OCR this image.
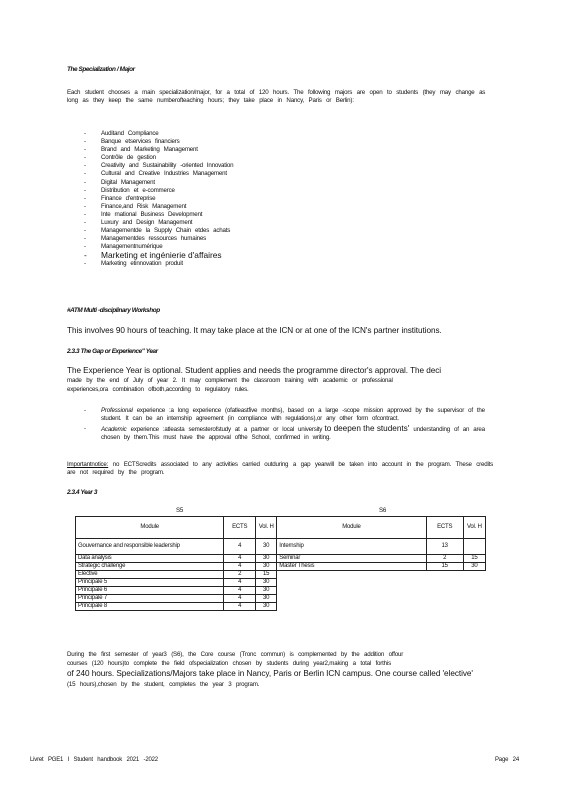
The Specialization / Major
Each student chooses a main specialization/major, for a total of 120 hours. The following majors are open to students (they may change as long as they keep the same numberofteaching hours; they take place in Nancy, Paris or Berlin):
- Auditand Compliance
- Banque etservices financiers
- Brand and Marketing Management
- Contrôle de gestion
- Creativity and Sustainability -oriented Innovation
- Cultural and Creative Industries Management
- Digital Management
- Distribution et e-commerce
- Finance d'entreprise
- Finance,and Risk Management
- Inte rnational Business Development
- Luxury and Design Management
- Managementde la Supply Chain etdes achats
- Managementdes ressources humaines
- Managementnumérique
- Marketing et ingénierie d'affaires
- Marketing etinnovation produit
#ATM Multi -disciplinary Workshop
This involves 90 hours of teaching. It may take place at the ICN or at one of the ICN's partner institutions.
2.3.3 The Gap or Experience" Year
The Experience Year is optional. Student applies and needs the programme director's approval. The deci
made by the end of July of year 2. It may complement the classroom training with academic or professional
experiences,ora combination ofboth,according to regulatory rules.
- Professional experience :a long experience (ofatleastfive months), based on a large -scope mission approved by the supervisor of the student. It can be an internship agreement (in compliance with regulations),or any other form ofcontract.
- Academic experience :atleasta semesterofstudy at a partner or local university to deepen the students' understanding of an area chosen by them.This must have the approval ofthe School, confirmed in writing.
Importantnotice: no ECTScredits associated to any activities carried outduring a gap yearwill be taken into account in the program. These credits are not required by the program.
2.3.4 Year 3
S5	S6
Module	ECTS	Vol. H	Module	ECTS	Vol. H
Gouvernance and responsible leadership	4	30	Internship	13	
Data analysis	4	30	Seminar	2	15
Strategic challenge	4	30	Master Thesis	15	30
Elective	2	15			
Principale 5	4	30			
Principale 6	4	30			
Principale 7	4	30			
Principale 8	4	30			
During the first semester of year3 (S6), the Core course (Tronc commun) is complemented by the addition offour
courses (120 hours)to complete the field ofspecialization chosen by students during year2,making a total forthis
of 240 hours. Specializations/Majors take place in Nancy, Paris or Berlin ICN campus. One course called 'elective'
(15 hours),chosen by the student, completes the year 3 program.
Livret PGE1 I Student handbook 2021 -2022	Page 24
